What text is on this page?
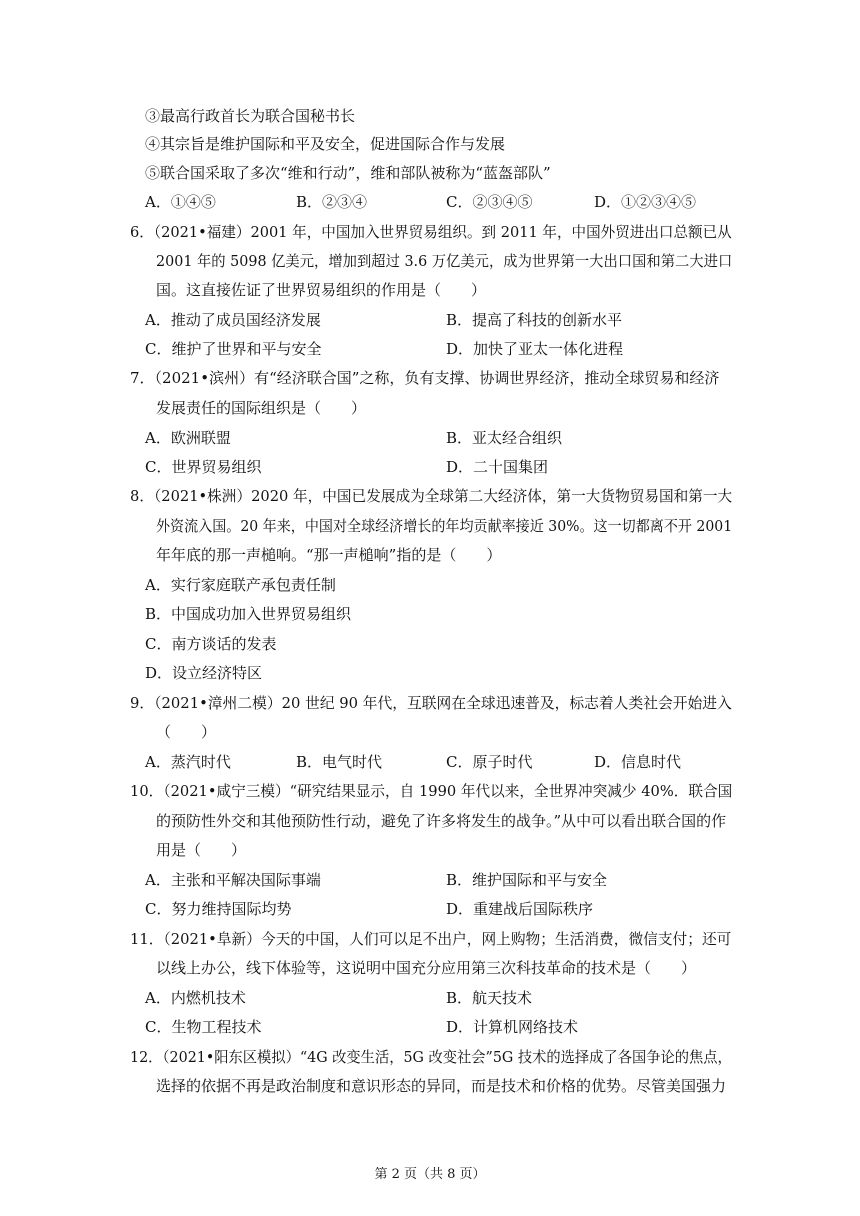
③最高行政首长为联合国秘书长
④其宗旨是维护国际和平及安全，促进国际合作与发展
⑤联合国采取了多次“维和行动”，维和部队被称为“蓝盔部队”
A．①④⑤	B．②③④	C．②③④⑤	D．①②③④⑤
6．（2021•福建）2001 年，中国加入世界贸易组织。到 2011 年，中国外贸进出口总额已从
2001 年的 5098 亿美元，增加到超过 3.6 万亿美元，成为世界第一大出口国和第二大进口
国。这直接佐证了世界贸易组织的作用是（　　）
A．推动了成员国经济发展	B．提高了科技的创新水平
C．维护了世界和平与安全	D．加快了亚太一体化进程
7．（2021•滨州）有“经济联合国”之称，负有支撑、协调世界经济，推动全球贸易和经济
发展责任的国际组织是（　　）
A．欧洲联盟	B．亚太经合组织
C．世界贸易组织	D．二十国集团
8．（2021•株洲）2020 年，中国已发展成为全球第二大经济体，第一大货物贸易国和第一大
外资流入国。20 年来，中国对全球经济增长的年均贡献率接近 30%。这一切都离不开 2001
年年底的那一声槌响。“那一声槌响”指的是（　　）
A．实行家庭联产承包责任制
B．中国成功加入世界贸易组织
C．南方谈话的发表
D．设立经济特区
9．（2021•漳州二模）20 世纪 90 年代，互联网在全球迅速普及，标志着人类社会开始进入
（　　）
A．蒸汽时代	B．电气时代	C．原子时代	D．信息时代
10．（2021•咸宁三模）“研究结果显示，自 1990 年代以来，全世界冲突减少 40%．联合国
的预防性外交和其他预防性行动，避免了许多将发生的战争。”从中可以看出联合国的作
用是（　　）
A．主张和平解决国际事端	B．维护国际和平与安全
C．努力维持国际均势	D．重建战后国际秩序
11．（2021•阜新）今天的中国，人们可以足不出户，网上购物；生活消费，微信支付；还可
以线上办公，线下体验等，这说明中国充分应用第三次科技革命的技术是（　　）
A．内燃机技术	B．航天技术
C．生物工程技术	D．计算机网络技术
12．（2021•阳东区模拟）“4G 改变生活，5G 改变社会”5G 技术的选择成了各国争论的焦点，
选择的依据不再是政治制度和意识形态的异同，而是技术和价格的优势。尽管美国强力
第 2 页（共 8 页）
